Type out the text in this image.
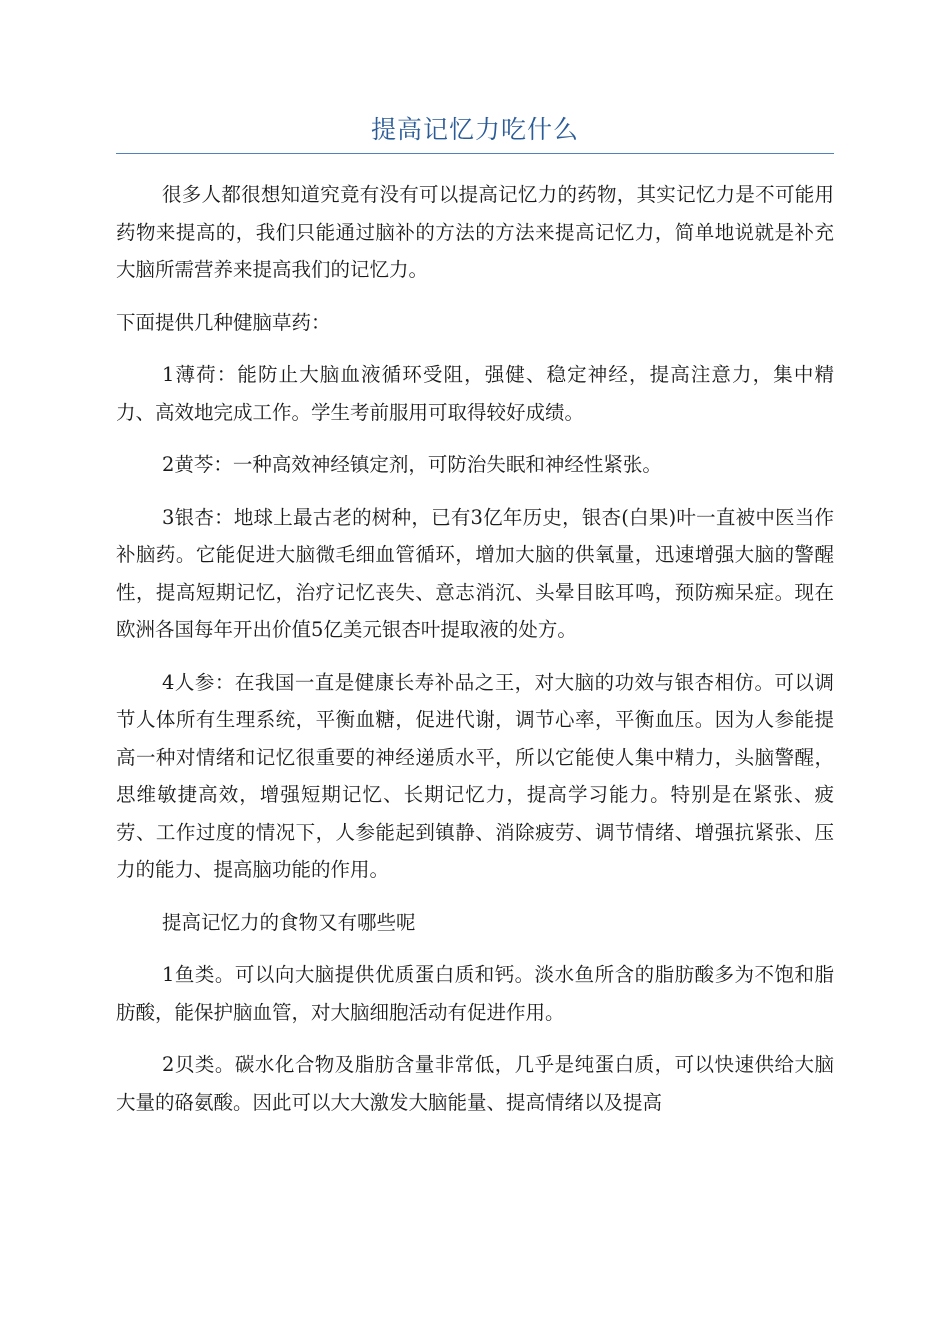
提高记忆力吃什么

很多人都很想知道究竟有没有可以提高记忆力的药物，其实记忆力是不可能用药物来提高的，我们只能通过脑补的方法的方法来提高记忆力，简单地说就是补充大脑所需营养来提高我们的记忆力。

下面提供几种健脑草药：

1薄荷：能防止大脑血液循环受阻，强健、稳定神经，提高注意力，集中精力、高效地完成工作。学生考前服用可取得较好成绩。

2黄芩：一种高效神经镇定剂，可防治失眠和神经性紧张。

3银杏：地球上最古老的树种，已有3亿年历史，银杏(白果)叶一直被中医当作补脑药。它能促进大脑微毛细血管循环，增加大脑的供氧量，迅速增强大脑的警醒性，提高短期记忆，治疗记忆丧失、意志消沉、头晕目眩耳鸣，预防痴呆症。现在欧洲各国每年开出价值5亿美元银杏叶提取液的处方。

4人参：在我国一直是健康长寿补品之王，对大脑的功效与银杏相仿。可以调节人体所有生理系统，平衡血糖，促进代谢，调节心率，平衡血压。因为人参能提高一种对情绪和记忆很重要的神经递质水平，所以它能使人集中精力，头脑警醒，思维敏捷高效，增强短期记忆、长期记忆力，提高学习能力。特别是在紧张、疲劳、工作过度的情况下，人参能起到镇静、消除疲劳、调节情绪、增强抗紧张、压力的能力、提高脑功能的作用。

提高记忆力的食物又有哪些呢

1鱼类。可以向大脑提供优质蛋白质和钙。淡水鱼所含的脂肪酸多为不饱和脂肪酸，能保护脑血管，对大脑细胞活动有促进作用。

2贝类。碳水化合物及脂肪含量非常低，几乎是纯蛋白质，可以快速供给大脑大量的硌氨酸。因此可以大大激发大脑能量、提高情绪以及提高
